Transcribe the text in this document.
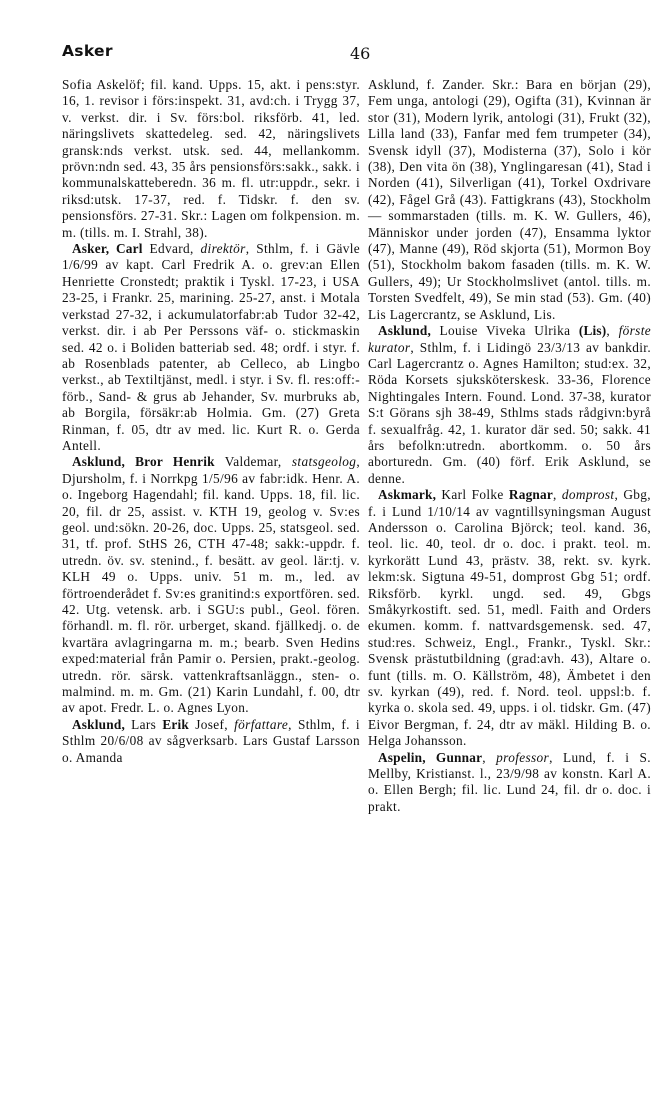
Asker	46

Sofia Askelöf; fil. kand. Upps. 15, akt. i pens:styr. 16, 1. revisor i förs:inspekt. 31, avd:ch. i Trygg 37, v. verkst. dir. i Sv. förs:bol. riksförb. 41, led. näringslivets skattedeleg. sed. 42, näringslivets gransk:nds verkst. utsk. sed. 44, mellankomm. prövn:ndn sed. 43, 35 års pensionsförs:sakk., sakk. i kommunalskatteberedn. 36 m. fl. utr:uppdr., sekr. i riksd:utsk. 17-37, red. f. Tidskr. f. den sv. pensionsförs. 27-31. Skr.: Lagen om folkpension. m. m. (tills. m. I. Strahl, 38).

Asker, Carl Edvard, direktör, Sthlm, f. i Gävle 1/6/99 av kapt. Carl Fredrik A. o. grev:an Ellen Henriette Cronstedt; praktik i Tyskl. 17-23, i USA 23-25, i Frankr. 25, marining. 25-27, anst. i Motala verkstad 27-32, i ackumulatorfabr:ab Tudor 32-42, verkst. dir. i ab Per Perssons väf- o. stickmaskin sed. 42 o. i Boliden batteriab sed. 48; ordf. i styr. f. ab Rosenblads patenter, ab Celleco, ab Lingbo verkst., ab Textiltjänst, medl. i styr. i Sv. fl. res:off:-förb., Sand- & grus ab Jehander, Sv. murbruks ab, ab Borgila, försäkr:ab Holmia. Gm. (27) Greta Rinman, f. 05, dtr av med. lic. Kurt R. o. Gerda Antell.

Asklund, Bror Henrik Valdemar, statsgeolog, Djursholm, f. i Norrkpg 1/5/96 av fabr:idk. Henr. A. o. Ingeborg Hagendahl; fil. kand. Upps. 18, fil. lic. 20, fil. dr 25, assist. v. KTH 19, geolog v. Sv:es geol. und:sökn. 20-26, doc. Upps. 25, statsgeol. sed. 31, tf. prof. StHS 26, CTH 47-48; sakk:-uppdr. f. utredn. öv. sv. stenind., f. besätt. av geol. lär:tj. v. KLH 49 o. Upps. univ. 51 m. m., led. av förtroenderådet f. Sv:es granitind:s exportfören. sed. 42. Utg. vetensk. arb. i SGU:s publ., Geol. fören. förhandl. m. fl. rör. urberget, skand. fjällkedj. o. de kvartära avlagringarna m. m.; bearb. Sven Hedins exped:material från Pamir o. Persien, prakt.-geolog. utredn. rör. särsk. vattenkraftsanläggn., sten- o. malmind. m. m. Gm. (21) Karin Lundahl, f. 00, dtr av apot. Fredr. L. o. Agnes Lyon.

Asklund, Lars Erik Josef, författare, Sthlm, f. i Sthlm 20/6/08 av sågverksarb. Lars Gustaf Larsson o. Amanda

Asklund, f. Zander. Skr.: Bara en början (29), Fem unga, antologi (29), Ogifta (31), Kvinnan är stor (31), Modern lyrik, antologi (31), Frukt (32), Lilla land (33), Fanfar med fem trumpeter (34), Svensk idyll (37), Modisterna (37), Solo i kör (38), Den vita ön (38), Ynglingaresan (41), Stad i Norden (41), Silverligan (41), Torkel Oxdrivare (42), Fågel Grå (43). Fattigkrans (43), Stockholm — sommarstaden (tills. m. K. W. Gullers, 46), Människor under jorden (47), Ensamma lyktor (47), Manne (49), Röd skjorta (51), Mormon Boy (51), Stockholm bakom fasaden (tills. m. K. W. Gullers, 49); Ur Stockholmslivet (antol. tills. m. Torsten Svedfelt, 49), Se min stad (53). Gm. (40) Lis Lagercrantz, se Asklund, Lis.

Asklund, Louise Viveka Ulrika (Lis), förste kurator, Sthlm, f. i Lidingö 23/3/13 av bankdir. Carl Lagercrantz o. Agnes Hamilton; stud:ex. 32, Röda Korsets sjuksköterskesk. 33-36, Florence Nightingales Intern. Found. Lond. 37-38, kurator S:t Görans sjh 38-49, Sthlms stads rådgivn:byrå f. sexualfråg. 42, 1. kurator där sed. 50; sakk. 41 års befolkn:utredn. abortkomm. o. 50 års aborturedn. Gm. (40) förf. Erik Asklund, se denne.

Askmark, Karl Folke Ragnar, domprost, Gbg, f. i Lund 1/10/14 av vagntillsyningsman August Andersson o. Carolina Björck; teol. kand. 36, teol. lic. 40, teol. dr o. doc. i prakt. teol. m. kyrkorätt Lund 43, prästv. 38, rekt. sv. kyrk. lekm:sk. Sigtuna 49-51, domprost Gbg 51; ordf. Riksförb. kyrkl. ungd. sed. 49, Gbgs Småkyrkostift. sed. 51, medl. Faith and Orders ekumen. komm. f. nattvardsgemensk. sed. 47, stud:res. Schweiz, Engl., Frankr., Tyskl. Skr.: Svensk prästutbildning (grad:avh. 43), Altare o. funt (tills. m. O. Källström, 48), Ämbetet i den sv. kyrkan (49), red. f. Nord. teol. uppsl:b. f. kyrka o. skola sed. 49, upps. i ol. tidskr. Gm. (47) Eivor Bergman, f. 24, dtr av mäkl. Hilding B. o. Helga Johansson.

Aspelin, Gunnar, professor, Lund, f. i S. Mellby, Kristianst. l., 23/9/98 av konstn. Karl A. o. Ellen Bergh; fil. lic. Lund 24, fil. dr o. doc. i prakt.
